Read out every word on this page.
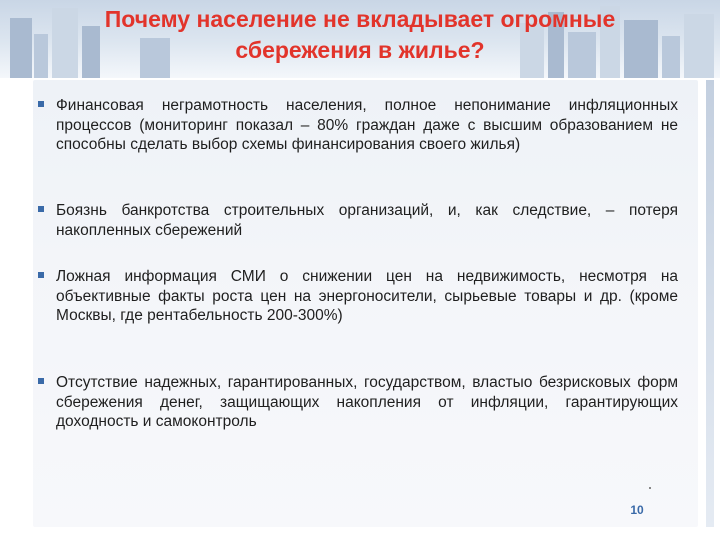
Почему население не вкладывает огромные
сбережения в жилье?
Финансовая неграмотность населения, полное непонимание инфляционных процессов (мониторинг показал – 80% граждан даже с высшим образованием не способны сделать выбор схемы финансирования своего жилья)
Боязнь банкротства строительных организаций, и, как следствие, – потеря накопленных сбережений
Ложная информация СМИ о снижении цен на недвижимость, несмотря на объективные факты роста цен на энергоносители, сырьевые товары и др. (кроме Москвы, где рентабельность 200-300%)
Отсутствие надежных, гарантированных, государством, властыо безрисковых форм сбережения денег, защищающих накопления от инфляции, гарантирующих доходность и самоконтроль
10
